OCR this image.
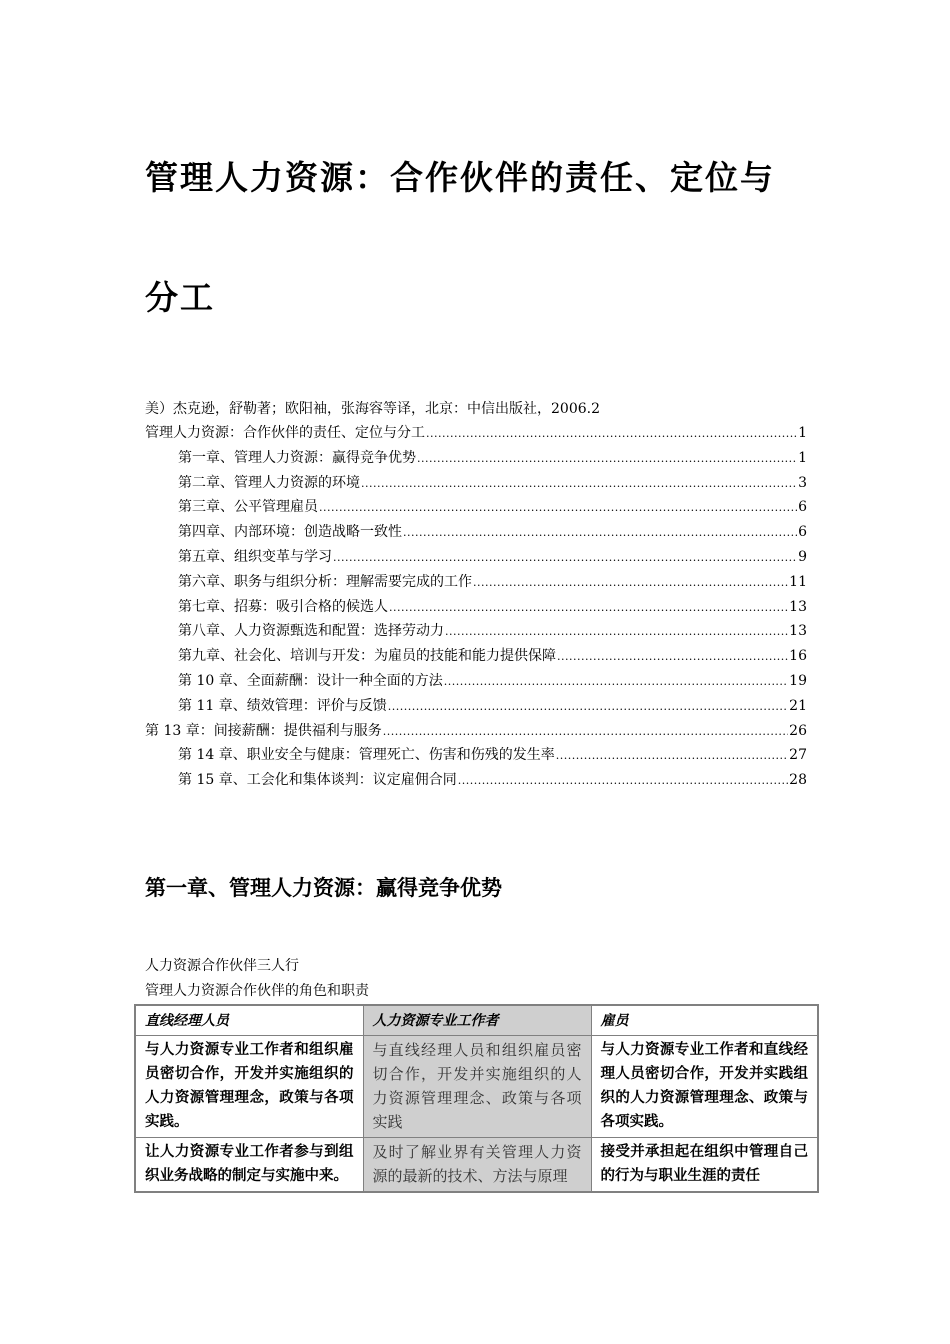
管理人力资源：合作伙伴的责任、定位与
分工
美）杰克逊，舒勒著；欧阳袖，张海容等译，北京：中信出版社，2006.2
管理人力资源：合作伙伴的责任、定位与分工 .....	1
第一章、管理人力资源：赢得竞争优势 .....	1
第二章、管理人力资源的环境 .....	3
第三章、公平管理雇员 .....	6
第四章、内部环境：创造战略一致性 .....	6
第五章、组织变革与学习 .....	9
第六章、职务与组织分析：理解需要完成的工作 .....	11
第七章、招募：吸引合格的候选人 .....	13
第八章、人力资源甄选和配置：选择劳动力 .....	13
第九章、社会化、培训与开发：为雇员的技能和能力提供保障 .....	16
第 10 章、全面薪酬：设计一种全面的方法 .....	19
第 11 章、绩效管理：评价与反馈 .....	21
第 13 章：间接薪酬：提供福利与服务 .....	26
第 14 章、职业安全与健康：管理死亡、伤害和伤残的发生率 .....	27
第 15 章、工会化和集体谈判：议定雇佣合同 .....	28
第一章、管理人力资源：赢得竞争优势
人力资源合作伙伴三人行
管理人力资源合作伙伴的角色和职责
直线经理人员	人力资源专业工作者	雇员
与人力资源专业工作者和组织雇员密切合作，开发并实施组织的人力资源管理理念，政策与各项实践。	与直线经理人员和组织雇员密切合作，开发并实施组织的人力资源管理理念、政策与各项实践	与人力资源专业工作者和直线经理人员密切合作，开发并实践组织的人力资源管理理念、政策与各项实践。
让人力资源专业工作者参与到组织业务战略的制定与实施中来。	及时了解业界有关管理人力资源的最新的技术、方法与原理	接受并承担起在组织中管理自己的行为与职业生涯的责任
